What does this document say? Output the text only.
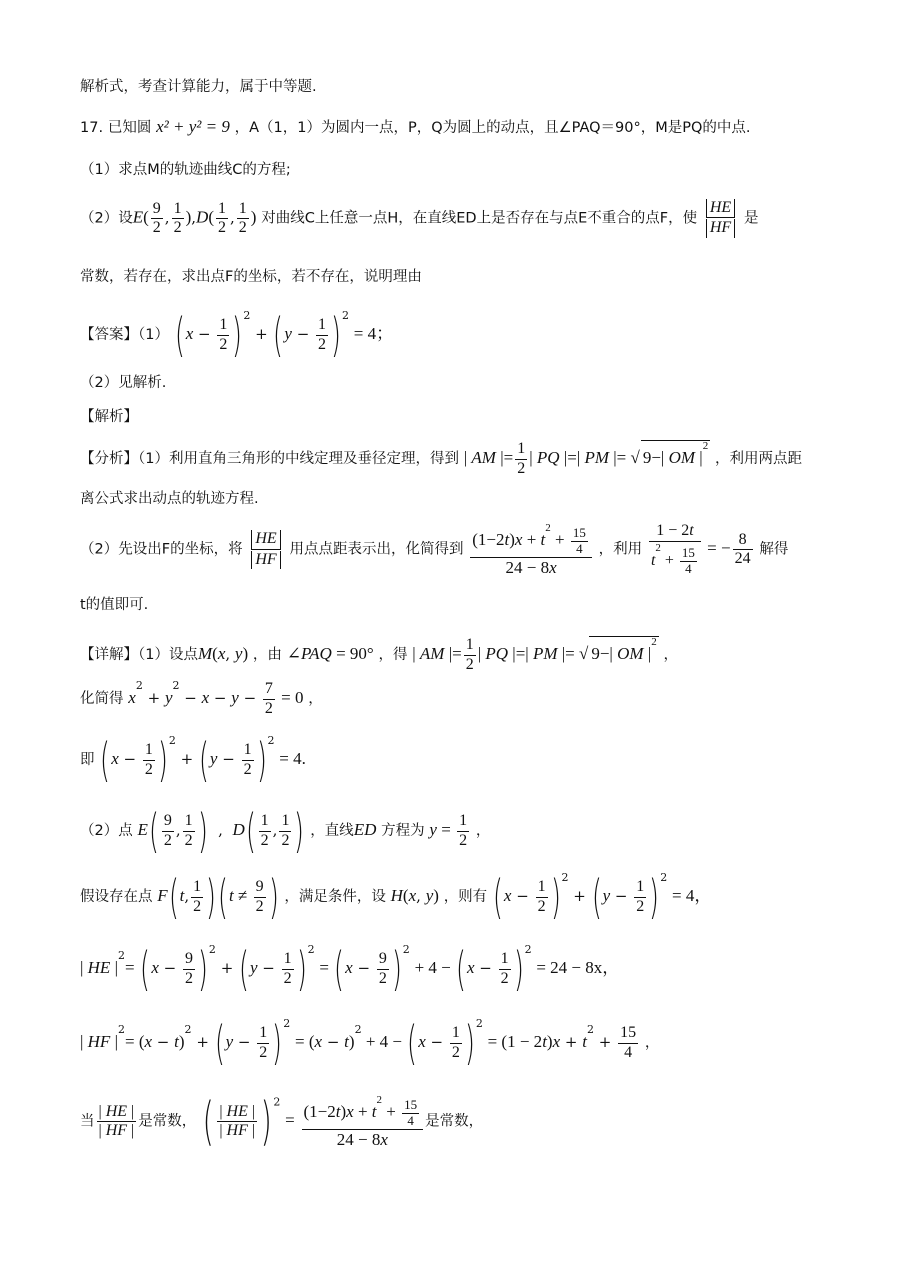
解析式，考查计算能力，属于中等题.
17. 已知圆 x² + y² = 9 ，A（1，1）为圆内一点，P，Q为圆上的动点，且∠PAQ＝90°，M是PQ的中点.
（1）求点M的轨迹曲线C的方程;
（2）设$E( \frac{9}{2}$ , $\frac{1}{2} ),D( \frac{1}{2}$ , $\frac{1}{2}$ ) 对曲线C上任意一点H，在直线ED上是否存在与点E不重合的点F，使 $\frac{HE}{HF}$ 是
常数，若存在，求出点F的坐标，若不存在，说明理由
【答案】（1） $(x - \frac{1}{2} )^2 + (y - \frac{1}{2} )^2 = 4$；
（2）见解析.
【解析】
【分析】（1）利用直角三角形的中线定理及垂径定理，得到 | AM |= $\frac{1}{2}$ | PQ |=| PM |= √ 9−| OM $|^2$ ，利用两点距
离公式求出动点的轨迹方程.
（2）先设出F的坐标，将 $\frac{HE}{HF}$ 用点点距表示出，化简得到 $\frac{(1-2t)x + t^2 + \frac{15}{4}}{24 - 8x}$ ，利用 $\frac{1 - 2t}{t^2 + \frac{15}{4}}$ = − $\frac{8}{24}$ 解得
t的值即可.
【详解】（1）设点M(x, y) ，由 ∠PAQ = 90° ，得 | AM |= $\frac{1}{2}$ | PQ |=| PM |= √ 9−| OM $|^2$ ，
化简得 $x^2 + y^2 - x - y - \frac{7}{2} = 0$ ，
即 $(x - \frac{1}{2} )^2 + (y - \frac{1}{2} )^2 = 4$.
（2）点 $E( \frac{9}{2}$ , $\frac{1}{2}$ )  ,  $D( \frac{1}{2}$ , $\frac{1}{2}$ ) ，直线ED 方程为 $y = \frac{1}{2}$ ，
假设存在点 F(t, $\frac{1}{2} )(t \ne \frac{9}{2}$ ) ，满足条件，设 H(x, y) ，则有 $(x - \frac{1}{2} )^2 + (y - \frac{1}{2} )^2 = 4$，
| HE $|^2= (x - \frac{9}{2} )^2 + (y - \frac{1}{2} )^2 = (x - \frac{9}{2} )^2 + 4 - (x - \frac{1}{2} )^2 = 24 - 8x$，
| HF $|^2= (x - t)^2 + (y - \frac{1}{2} )^2 = (x - t)^2 + 4 - (x - \frac{1}{2} )^2 = (1 - 2t)x + t^2 + \frac{15}{4}$ ，
当 $\frac{| HE |}{| HF |}$ 是常数， ( $\frac{| HE |}{| HF |}$ ) $^2 = \frac{(1-2t)x + t^2 + \frac{15}{4}}{24 - 8x}$ 是常数，
